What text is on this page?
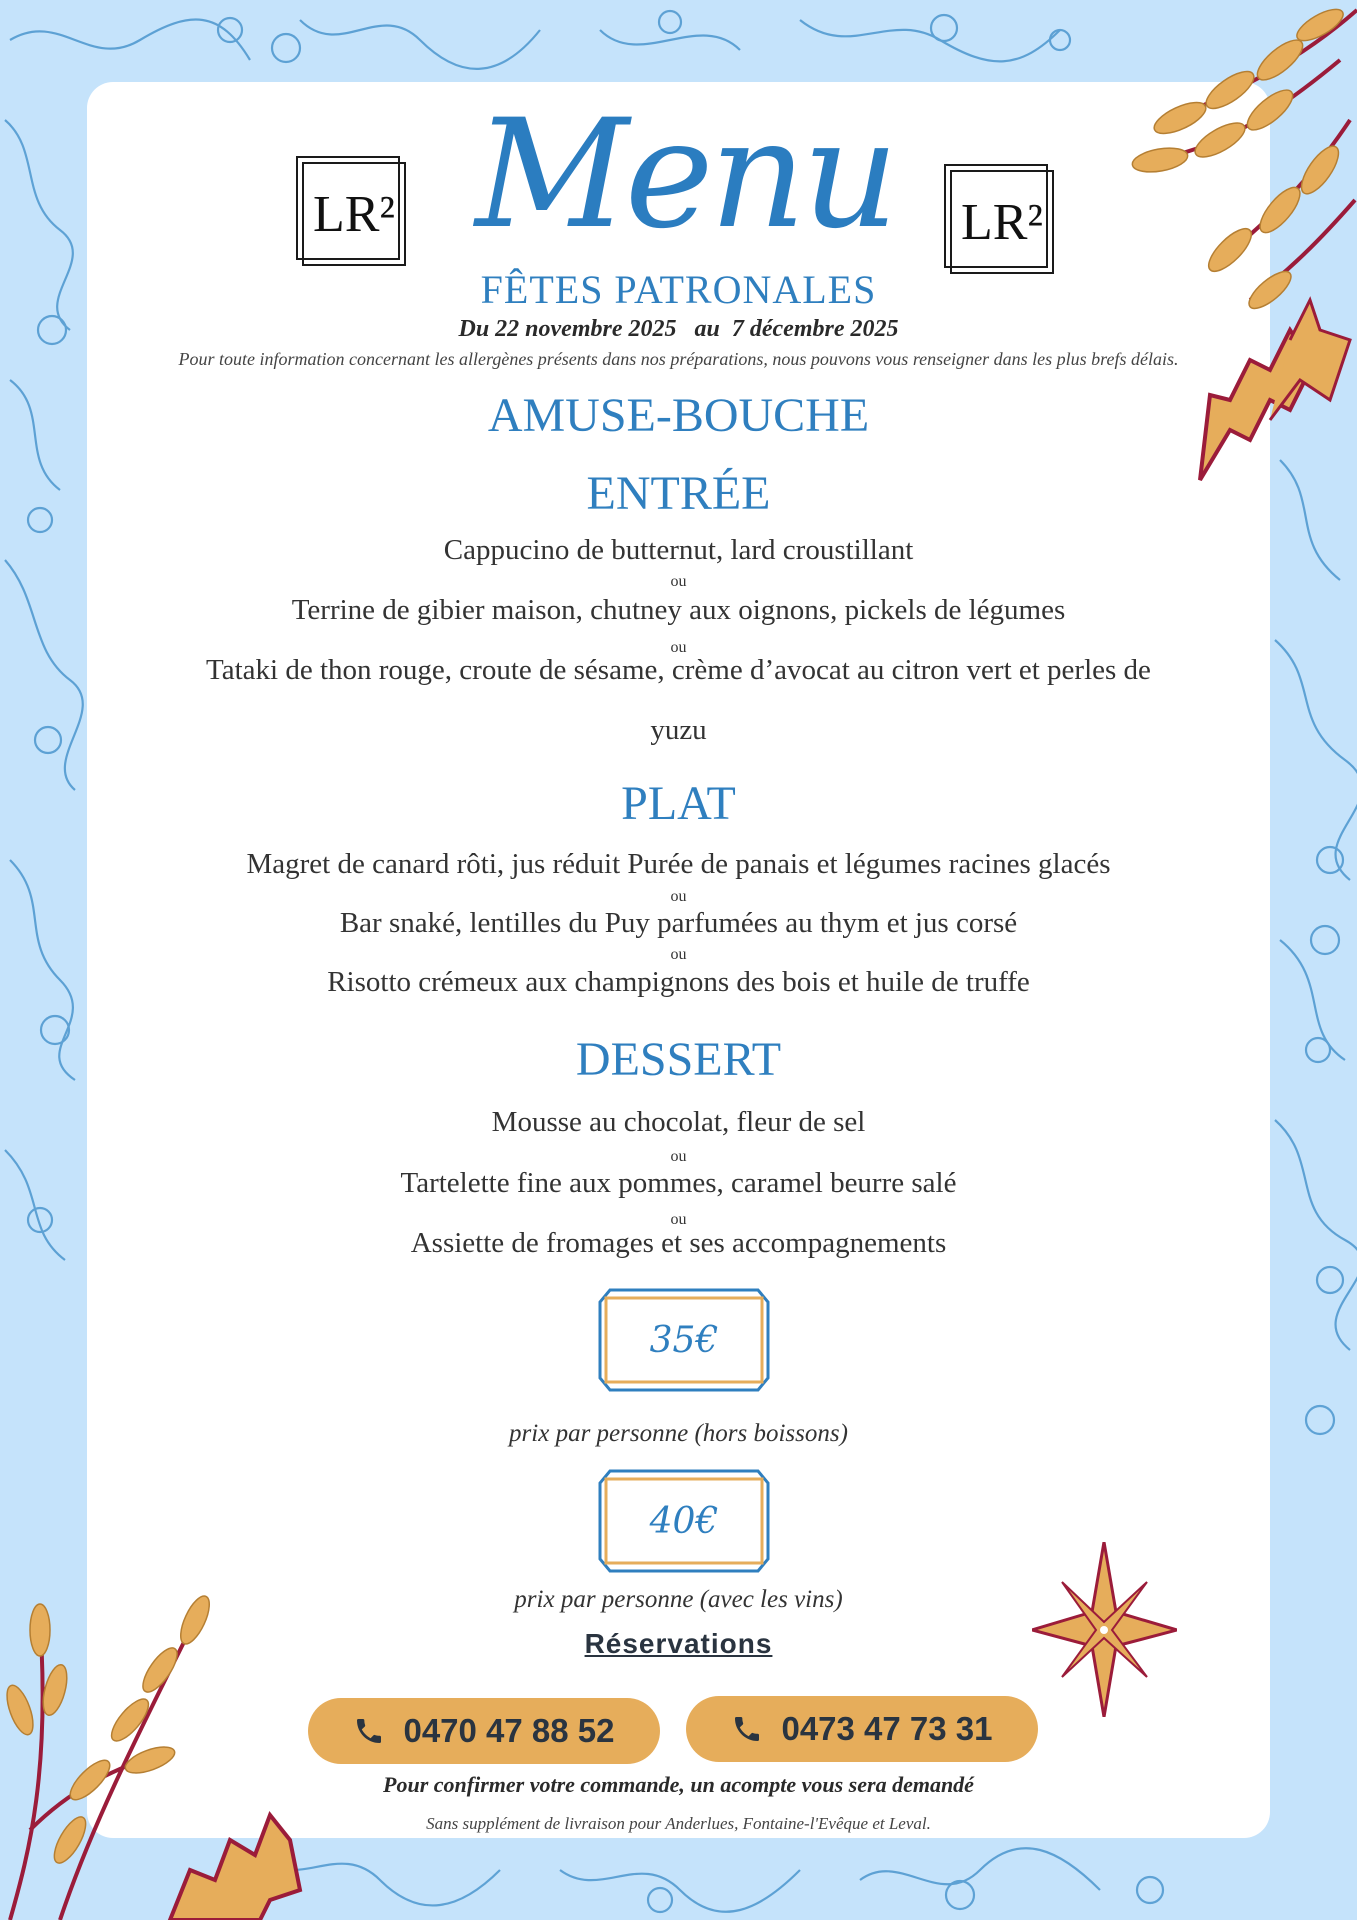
LR²	LR²
Menu
FÊTES PATRONALES
Du 22 novembre 2025 au 7 décembre 2025
Pour toute information concernant les allergènes présents dans nos préparations, nous pouvons vous renseigner dans les plus brefs délais.
AMUSE-BOUCHE
ENTRÉE
Cappucino de butternut, lard croustillant
ou
Terrine de gibier maison, chutney aux oignons, pickels de légumes
ou
Tataki de thon rouge, croute de sésame, crème d’avocat au citron vert et perles de
yuzu
PLAT
Magret de canard rôti, jus réduit Purée de panais et légumes racines glacés
ou
Bar snaké, lentilles du Puy parfumées au thym et jus corsé
ou
Risotto crémeux aux champignons des bois et huile de truffe
DESSERT
Mousse au chocolat, fleur de sel
ou
Tartelette fine aux pommes, caramel beurre salé
ou
Assiette de fromages et ses accompagnements
35€
prix par personne (hors boissons)
40€
prix par personne (avec les vins)
Réservations
0470 47 88 52	0473 47 73 31
Pour confirmer votre commande, un acompte vous sera demandé
Sans supplément de livraison pour Anderlues, Fontaine-l'Evêque et Leval.
